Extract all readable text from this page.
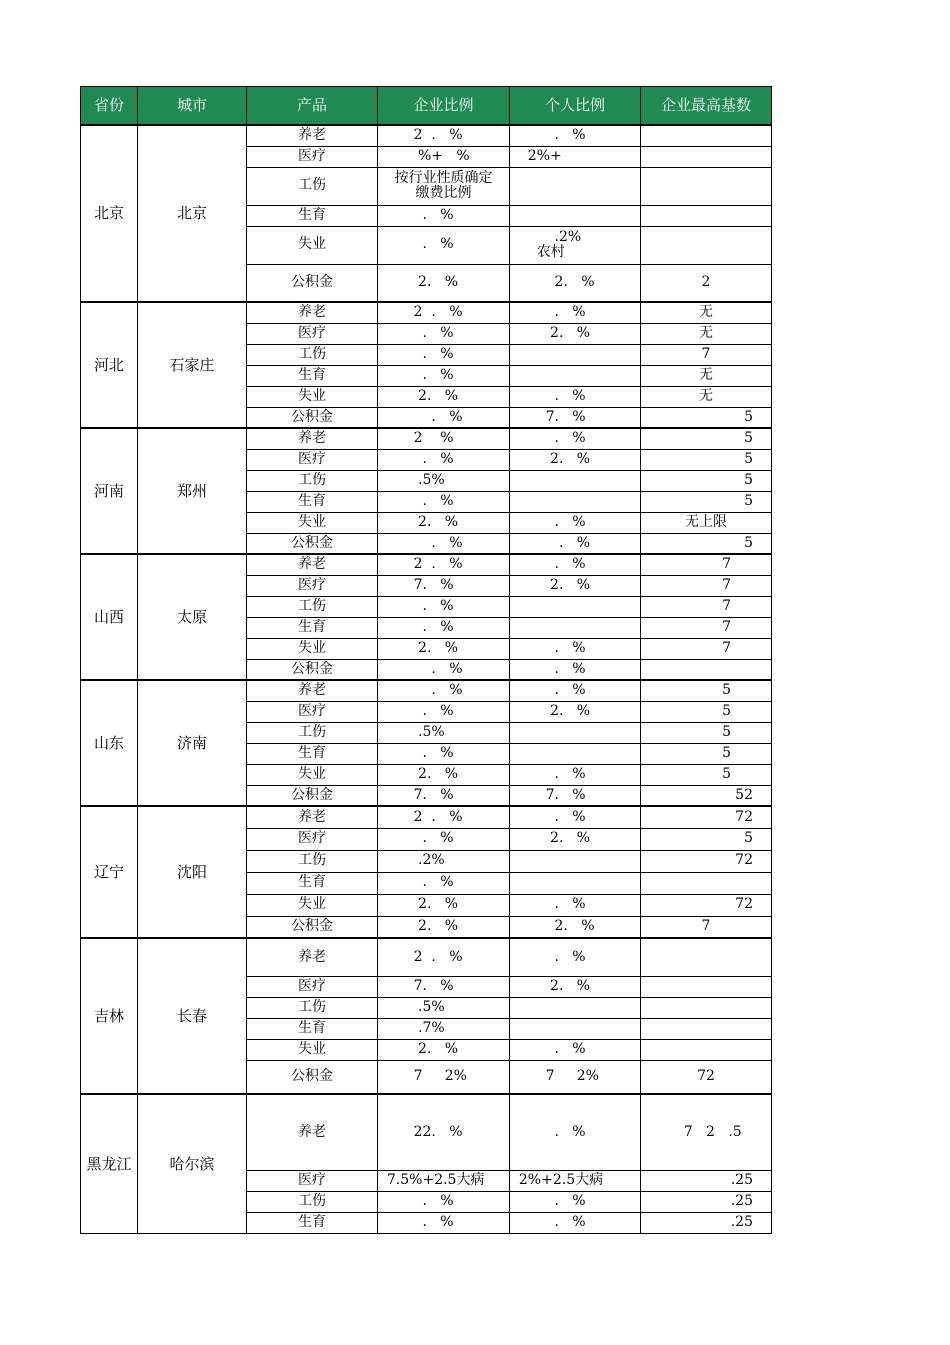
省份	城市	产品	企业比例	个人比例	企业最高基数
北京	北京	养老	2  .   %	.   %	
		医疗	%+   %	2%+	
		工伤	按行业性质确定
缴费比例		
		生育	.   %		
		失业	.   %	.2%
农村	
		公积金	2.   %	2.   %	2
河北	石家庄	养老	2  .   %	.   %	无
		医疗	.   %	2.   %	无
		工伤	.   %		7
		生育	.   %		无
		失业	2.   %	.   %	无
		公积金	.   %	7.   %	5
河南	郑州	养老	2    %	.   %	5
		医疗	.   %	2.   %	5
		工伤	.5%		5
		生育	.   %		5
		失业	2.   %	.   %	无上限
		公积金	.   %	.   %	5
山西	太原	养老	2  .   %	.   %	7
		医疗	7.   %	2.   %	7
		工伤	.   %		7
		生育	.   %		7
		失业	2.   %	.   %	7
		公积金	.   %	.   %	
山东	济南	养老	.   %	.   %	5
		医疗	.   %	2.   %	5
		工伤	.5%		5
		生育	.   %		5
		失业	2.   %	.   %	5
		公积金	7.   %	7.   %	52
辽宁	沈阳	养老	2  .   %	.   %	72
		医疗	.   %	2.   %	5
		工伤	.2%		72
		生育	.   %		
		失业	2.   %	.   %	72
		公积金	2.   %	2.   %	7
吉林	长春	养老	2  .   %	.   %	
		医疗	7.   %	2.   %	
		工伤	.5%		
		生育	.7%		
		失业	2.   %	.   %	
		公积金	7     2%	7     2%	72
黑龙江	哈尔滨	养老	22.   %	.   %	7   2   .5
		医疗	7.5%+2.5大病	2%+2.5大病	.25
		工伤	.   %	.   %	.25
		生育	.   %	.   %	.25
